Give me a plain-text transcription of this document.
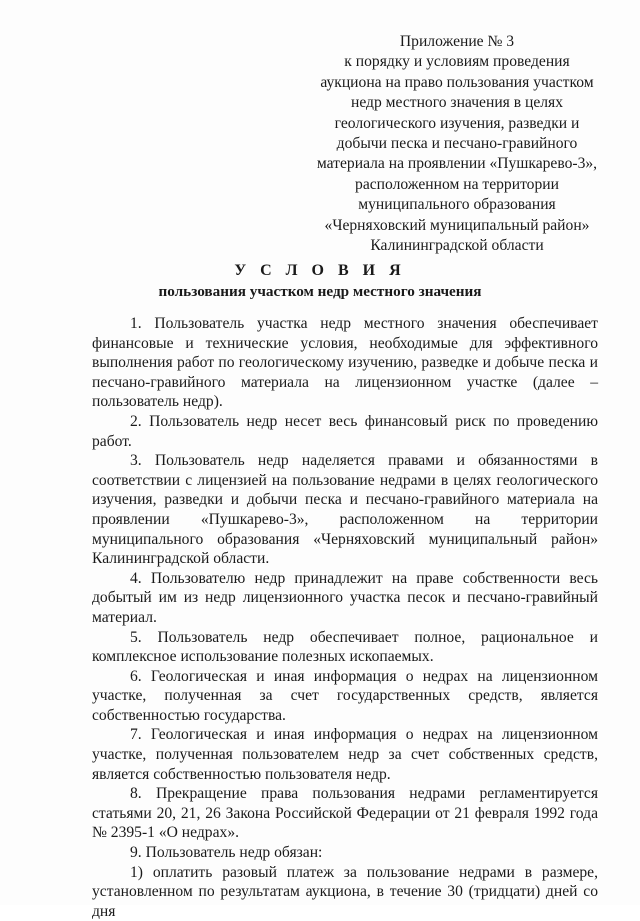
Приложение № 3
к порядку и условиям проведения
аукциона на право пользования участком
недр местного значения в целях
геологического изучения, разведки и
добычи песка и песчано-гравийного
материала на проявлении «Пушкарево-3»,
расположенном на территории
муниципального образования
«Черняховский муниципальный район»
Калининградской области
У С Л О В И Я
пользования участком недр местного значения

1. Пользователь участка недр местного значения обеспечивает финансовые и технические условия, необходимые для эффективного выполнения работ по геологическому изучению, разведке и добыче песка и песчано-гравийного материала на лицензионном участке (далее – пользователь недр).

2. Пользователь недр несет весь финансовый риск по проведению работ.

3. Пользователь недр наделяется правами и обязанностями в соответствии с лицензией на пользование недрами в целях геологического изучения, разведки и добычи песка и песчано-гравийного материала на проявлении «Пушкарево-3», расположенном на территории муниципального образования «Черняховский муниципальный район» Калининградской области.

4. Пользователю недр принадлежит на праве собственности весь добытый им из недр лицензионного участка песок и песчано-гравийный материал.

5. Пользователь недр обеспечивает полное, рациональное и комплексное использование полезных ископаемых.

6. Геологическая и иная информация о недрах на лицензионном участке, полученная за счет государственных средств, является собственностью государства.

7. Геологическая и иная информация о недрах на лицензионном участке, полученная пользователем недр за счет собственных средств, является собственностью пользователя недр.

8. Прекращение права пользования недрами регламентируется статьями 20, 21, 26 Закона Российской Федерации от 21 февраля 1992 года № 2395-1 «О недрах».

9. Пользователь недр обязан:

1) оплатить разовый платеж за пользование недрами в размере, установленном по результатам аукциона, в течение 30 (тридцати) дней со дня
